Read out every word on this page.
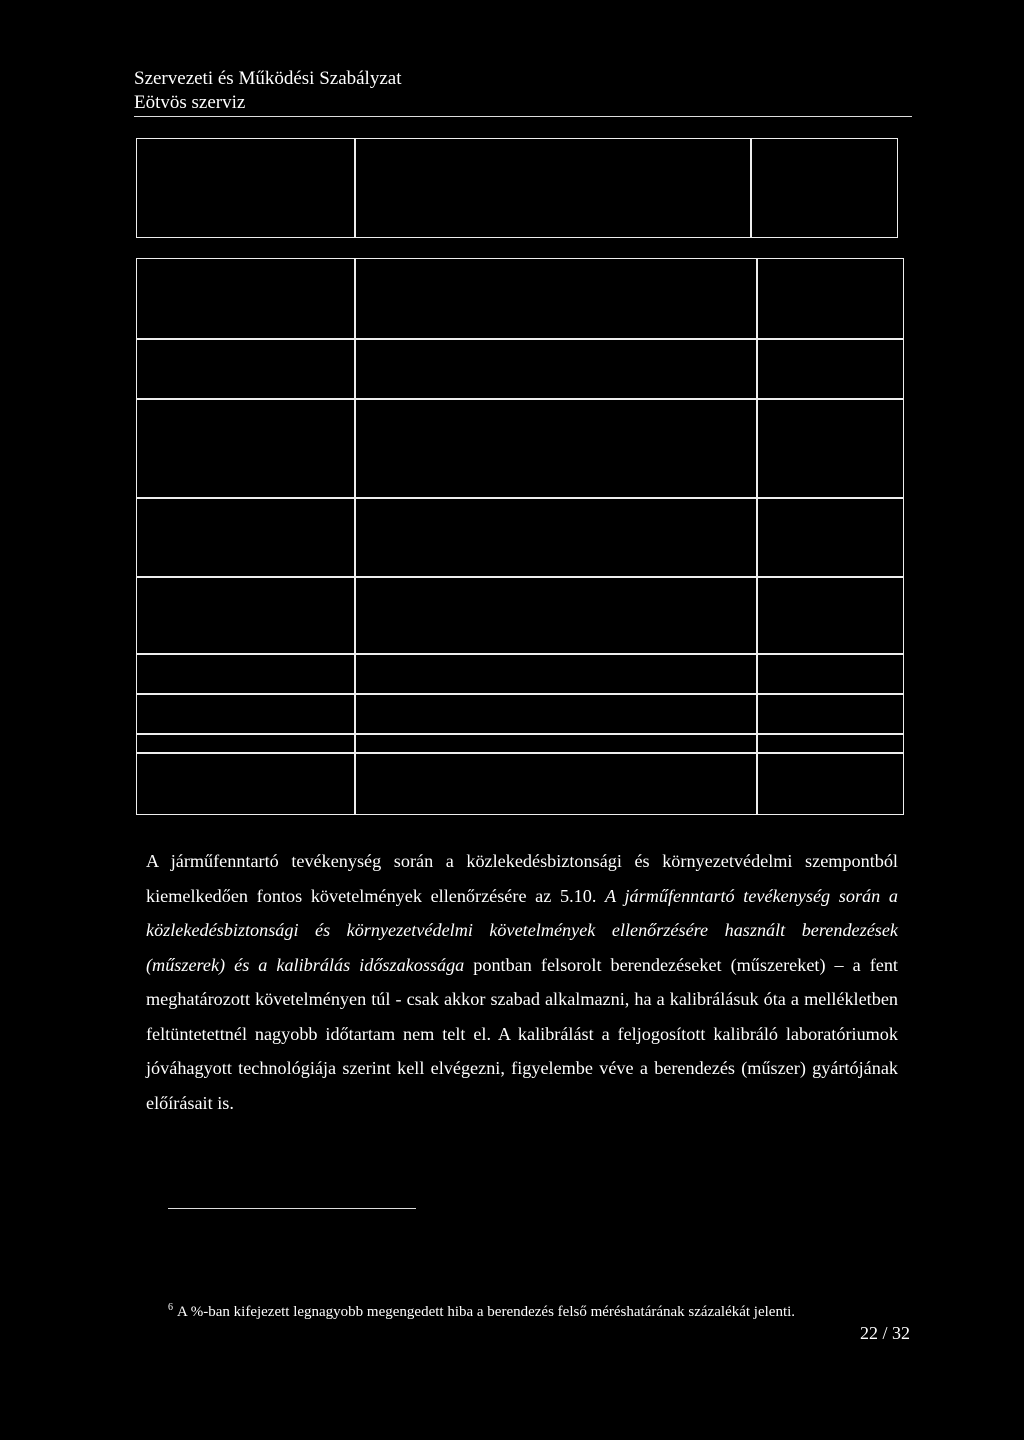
Szervezeti és Működési Szabályzat
Eötvös szerviz
A járműfenntartó tevékenység során a közlekedésbiztonsági és környezetvédelmi szempontból kiemelkedően fontos követelmények ellenőrzésére az 5.10. A járműfenntartó tevékenység során a közlekedésbiztonsági és környezetvédelmi követelmények ellenőrzésére használt berendezések (műszerek) és a kalibrálás időszakossága pontban felsorolt berendezéseket (műszereket) – a fent meghatározott követelményen túl - csak akkor szabad alkalmazni, ha a kalibrálásuk óta a mellékletben feltüntetettnél nagyobb időtartam nem telt el. A kalibrálást a feljogosított kalibráló laboratóriumok jóváhagyott technológiája szerint kell elvégezni, figyelembe véve a berendezés (műszer) gyártójának előírásait is.
$^6$ A %-ban kifejezett legnagyobb megengedett hiba a berendezés felső méréshatárának százalékát jelenti.
22 / 32
